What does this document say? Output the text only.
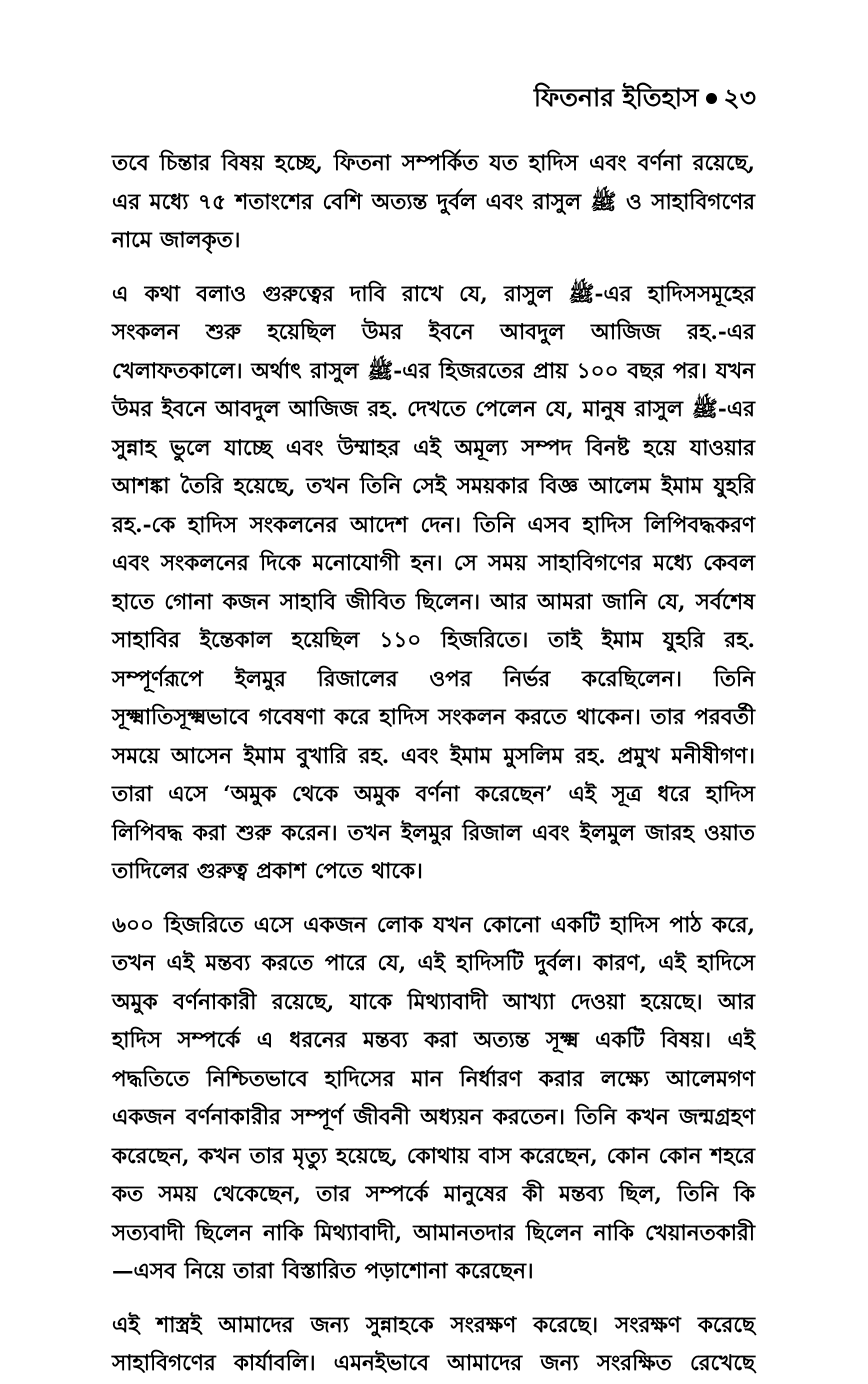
ফিতনার ইতিহাস ২৩

তবে চিন্তার বিষয় হচ্ছে, ফিতনা সম্পর্কিত যত হাদিস এবং বর্ণনা রয়েছে, এর মধ্যে ৭৫ শতাংশের বেশি অত্যন্ত দুর্বল এবং রাসুল ﷺ ও সাহাবিগণের নামে জালকৃত।

এ কথা বলাও গুরুত্বের দাবি রাখে যে, রাসুল ﷺ-এর হাদিসসমূহের সংকলন শুরু হয়েছিল উমর ইবনে আবদুল আজিজ রহ.-এর খেলাফতকালে। অর্থাৎ রাসুল ﷺ-এর হিজরতের প্রায় ১০০ বছর পর। যখন উমর ইবনে আবদুল আজিজ রহ. দেখতে পেলেন যে, মানুষ রাসুল ﷺ-এর সুন্নাহ ভুলে যাচ্ছে এবং উম্মাহর এই অমূল্য সম্পদ বিনষ্ট হয়ে যাওয়ার আশঙ্কা তৈরি হয়েছে, তখন তিনি সেই সময়কার বিজ্ঞ আলেম ইমাম যুহরি রহ.-কে হাদিস সংকলনের আদেশ দেন। তিনি এসব হাদিস লিপিবদ্ধকরণ এবং সংকলনের দিকে মনোযোগী হন। সে সময় সাহাবিগণের মধ্যে কেবল হাতে গোনা কজন সাহাবি জীবিত ছিলেন। আর আমরা জানি যে, সর্বশেষ সাহাবির ইন্তেকাল হয়েছিল ১১০ হিজরিতে। তাই ইমাম যুহরি রহ. সম্পূর্ণরূপে ইলমুর রিজালের ওপর নির্ভর করেছিলেন। তিনি সূক্ষ্মাতিসূক্ষ্মভাবে গবেষণা করে হাদিস সংকলন করতে থাকেন। তার পরবর্তী সময়ে আসেন ইমাম বুখারি রহ. এবং ইমাম মুসলিম রহ. প্রমুখ মনীষীগণ। তারা এসে ‘অমুক থেকে অমুক বর্ণনা করেছেন’ এই সূত্র ধরে হাদিস লিপিবদ্ধ করা শুরু করেন। তখন ইলমুর রিজাল এবং ইলমুল জারহ ওয়াত তাদিলের গুরুত্ব প্রকাশ পেতে থাকে।

৬০০ হিজরিতে এসে একজন লোক যখন কোনো একটি হাদিস পাঠ করে, তখন এই মন্তব্য করতে পারে যে, এই হাদিসটি দুর্বল। কারণ, এই হাদিসে অমুক বর্ণনাকারী রয়েছে, যাকে মিথ্যাবাদী আখ্যা দেওয়া হয়েছে। আর হাদিস সম্পর্কে এ ধরনের মন্তব্য করা অত্যন্ত সূক্ষ্ম একটি বিষয়। এই পদ্ধতিতে নিশ্চিতভাবে হাদিসের মান নির্ধারণ করার লক্ষ্যে আলেমগণ একজন বর্ণনাকারীর সম্পূর্ণ জীবনী অধ্যয়ন করতেন। তিনি কখন জন্মগ্রহণ করেছেন, কখন তার মৃত্যু হয়েছে, কোথায় বাস করেছেন, কোন কোন শহরে কত সময় থেকেছেন, তার সম্পর্কে মানুষের কী মন্তব্য ছিল, তিনি কি সত্যবাদী ছিলেন নাকি মিথ্যাবাদী, আমানতদার ছিলেন নাকি খেয়ানতকারী—এসব নিয়ে তারা বিস্তারিত পড়াশোনা করেছেন।

এই শাস্ত্রই আমাদের জন্য সুন্নাহকে সংরক্ষণ করেছে। সংরক্ষণ করেছে সাহাবিগণের কার্যাবলি। এমনইভাবে আমাদের জন্য সংরক্ষিত রেখেছে
